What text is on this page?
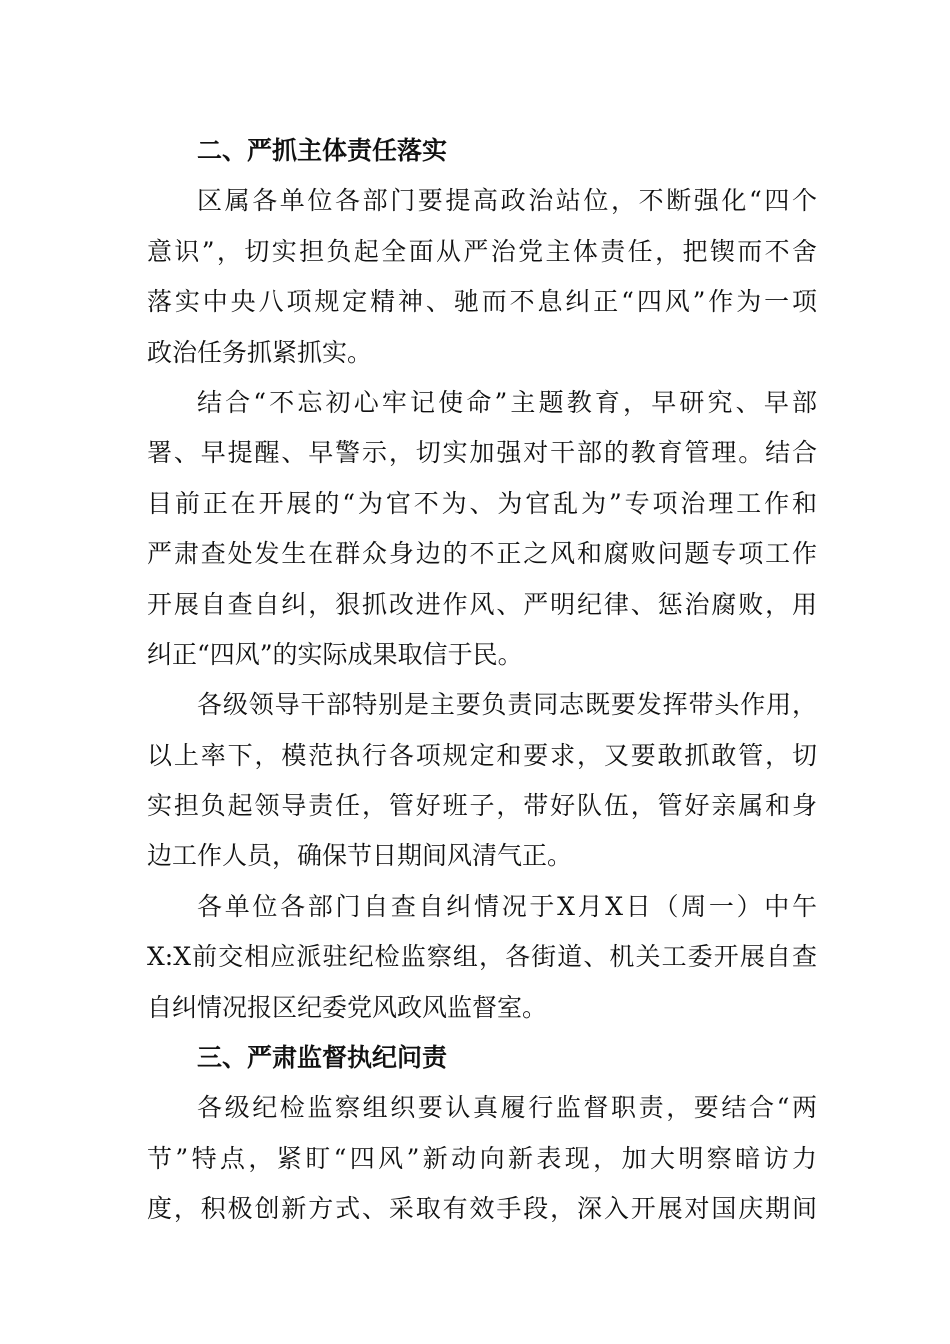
二、严抓主体责任落实
区属各单位各部门要提高政治站位，不断强化“四个
意识”，切实担负起全面从严治党主体责任，把锲而不舍
落实中央八项规定精神、驰而不息纠正“四风”作为一项
政治任务抓紧抓实。
结合“不忘初心牢记使命”主题教育，早研究、早部
署、早提醒、早警示，切实加强对干部的教育管理。结合
目前正在开展的“为官不为、为官乱为”专项治理工作和
严肃查处发生在群众身边的不正之风和腐败问题专项工作
开展自查自纠，狠抓改进作风、严明纪律、惩治腐败，用
纠正“四风”的实际成果取信于民。
各级领导干部特别是主要负责同志既要发挥带头作用，
以上率下，模范执行各项规定和要求，又要敢抓敢管，切
实担负起领导责任，管好班子，带好队伍，管好亲属和身
边工作人员，确保节日期间风清气正。
各单位各部门自查自纠情况于X月X日（周一）中午
X:X前交相应派驻纪检监察组，各街道、机关工委开展自查
自纠情况报区纪委党风政风监督室。
三、严肃监督执纪问责
各级纪检监察组织要认真履行监督职责，要结合“两
节”特点，紧盯“四风”新动向新表现，加大明察暗访力
度，积极创新方式、采取有效手段，深入开展对国庆期间
